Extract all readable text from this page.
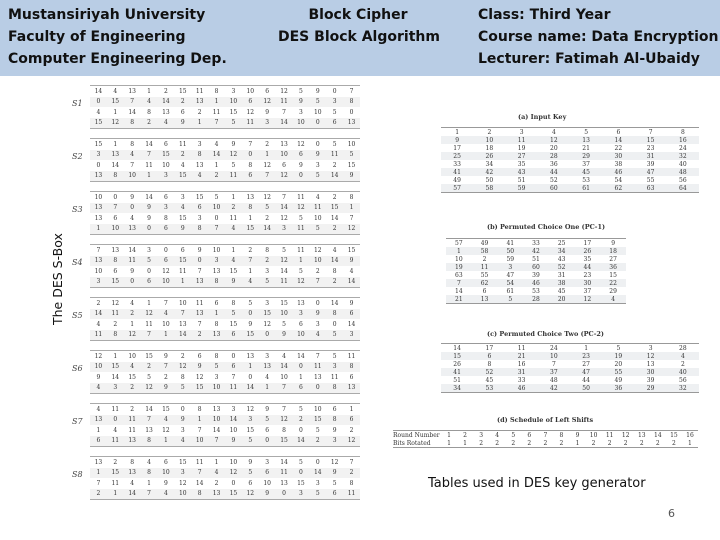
Mustansiriyah University
Faculty of Engineering
Computer Engineering Dep.
Block Cipher
DES Block Algorithm
Class: Third Year
Course name: Data Encryption
Lecturer: Fatimah Al-Ubaidy
The DES S-Box
S1
14	4	13	1	2	15	11	8	3	10	6	12	5	9	0	7
0	15	7	4	14	2	13	1	10	6	12	11	9	5	3	8
4	1	14	8	13	6	2	11	15	12	9	7	3	10	5	0
15	12	8	2	4	9	1	7	5	11	3	14	10	0	6	13
S2
15	1	8	14	6	11	3	4	9	7	2	13	12	0	5	10
3	13	4	7	15	2	8	14	12	0	1	10	6	9	11	5
0	14	7	11	10	4	13	1	5	8	12	6	9	3	2	15
13	8	10	1	3	15	4	2	11	6	7	12	0	5	14	9
S3
10	0	9	14	6	3	15	5	1	13	12	7	11	4	2	8
13	7	0	9	3	4	6	10	2	8	5	14	12	11	15	1
13	6	4	9	8	15	3	0	11	1	2	12	5	10	14	7
1	10	13	0	6	9	8	7	4	15	14	3	11	5	2	12
S4
7	13	14	3	0	6	9	10	1	2	8	5	11	12	4	15
13	8	11	5	6	15	0	3	4	7	2	12	1	10	14	9
10	6	9	0	12	11	7	13	15	1	3	14	5	2	8	4
3	15	0	6	10	1	13	8	9	4	5	11	12	7	2	14
S5
2	12	4	1	7	10	11	6	8	5	3	15	13	0	14	9
14	11	2	12	4	7	13	1	5	0	15	10	3	9	8	6
4	2	1	11	10	13	7	8	15	9	12	5	6	3	0	14
11	8	12	7	1	14	2	13	6	15	0	9	10	4	5	3
S6
12	1	10	15	9	2	6	8	0	13	3	4	14	7	5	11
10	15	4	2	7	12	9	5	6	1	13	14	0	11	3	8
9	14	15	5	2	8	12	3	7	0	4	10	1	13	11	6
4	3	2	12	9	5	15	10	11	14	1	7	6	0	8	13
S7
4	11	2	14	15	0	8	13	3	12	9	7	5	10	6	1
13	0	11	7	4	9	1	10	14	3	5	12	2	15	8	6
1	4	11	13	12	3	7	14	10	15	6	8	0	5	9	2
6	11	13	8	1	4	10	7	9	5	0	15	14	2	3	12
S8
13	2	8	4	6	15	11	1	10	9	3	14	5	0	12	7
1	15	13	8	10	3	7	4	12	5	6	11	0	14	9	2
7	11	4	1	9	12	14	2	0	6	10	13	15	3	5	8
2	1	14	7	4	10	8	13	15	12	9	0	3	5	6	11
(a) Input Key
1	2	3	4	5	6	7	8
9	10	11	12	13	14	15	16
17	18	19	20	21	22	23	24
25	26	27	28	29	30	31	32
33	34	35	36	37	38	39	40
41	42	43	44	45	46	47	48
49	50	51	52	53	54	55	56
57	58	59	60	61	62	63	64
(b) Permuted Choice One (PC-1)
57	49	41	33	25	17	9
1	58	50	42	34	26	18
10	2	59	51	43	35	27
19	11	3	60	52	44	36
63	55	47	39	31	23	15
7	62	54	46	38	30	22
14	6	61	53	45	37	29
21	13	5	28	20	12	4
(c) Permuted Choice Two (PC-2)
14	17	11	24	1	5	3	28
15	6	21	10	23	19	12	4
26	8	16	7	27	20	13	2
41	52	31	37	47	55	30	40
51	45	33	48	44	49	39	56
34	53	46	42	50	36	29	32
(d) Schedule of Left Shifts
Round Number	1	2	3	4	5	6	7	8	9	10	11	12	13	14	15	16
Bits Rotated	1	1	2	2	2	2	2	2	1	2	2	2	2	2	2	1
Tables used in DES key generator
6
